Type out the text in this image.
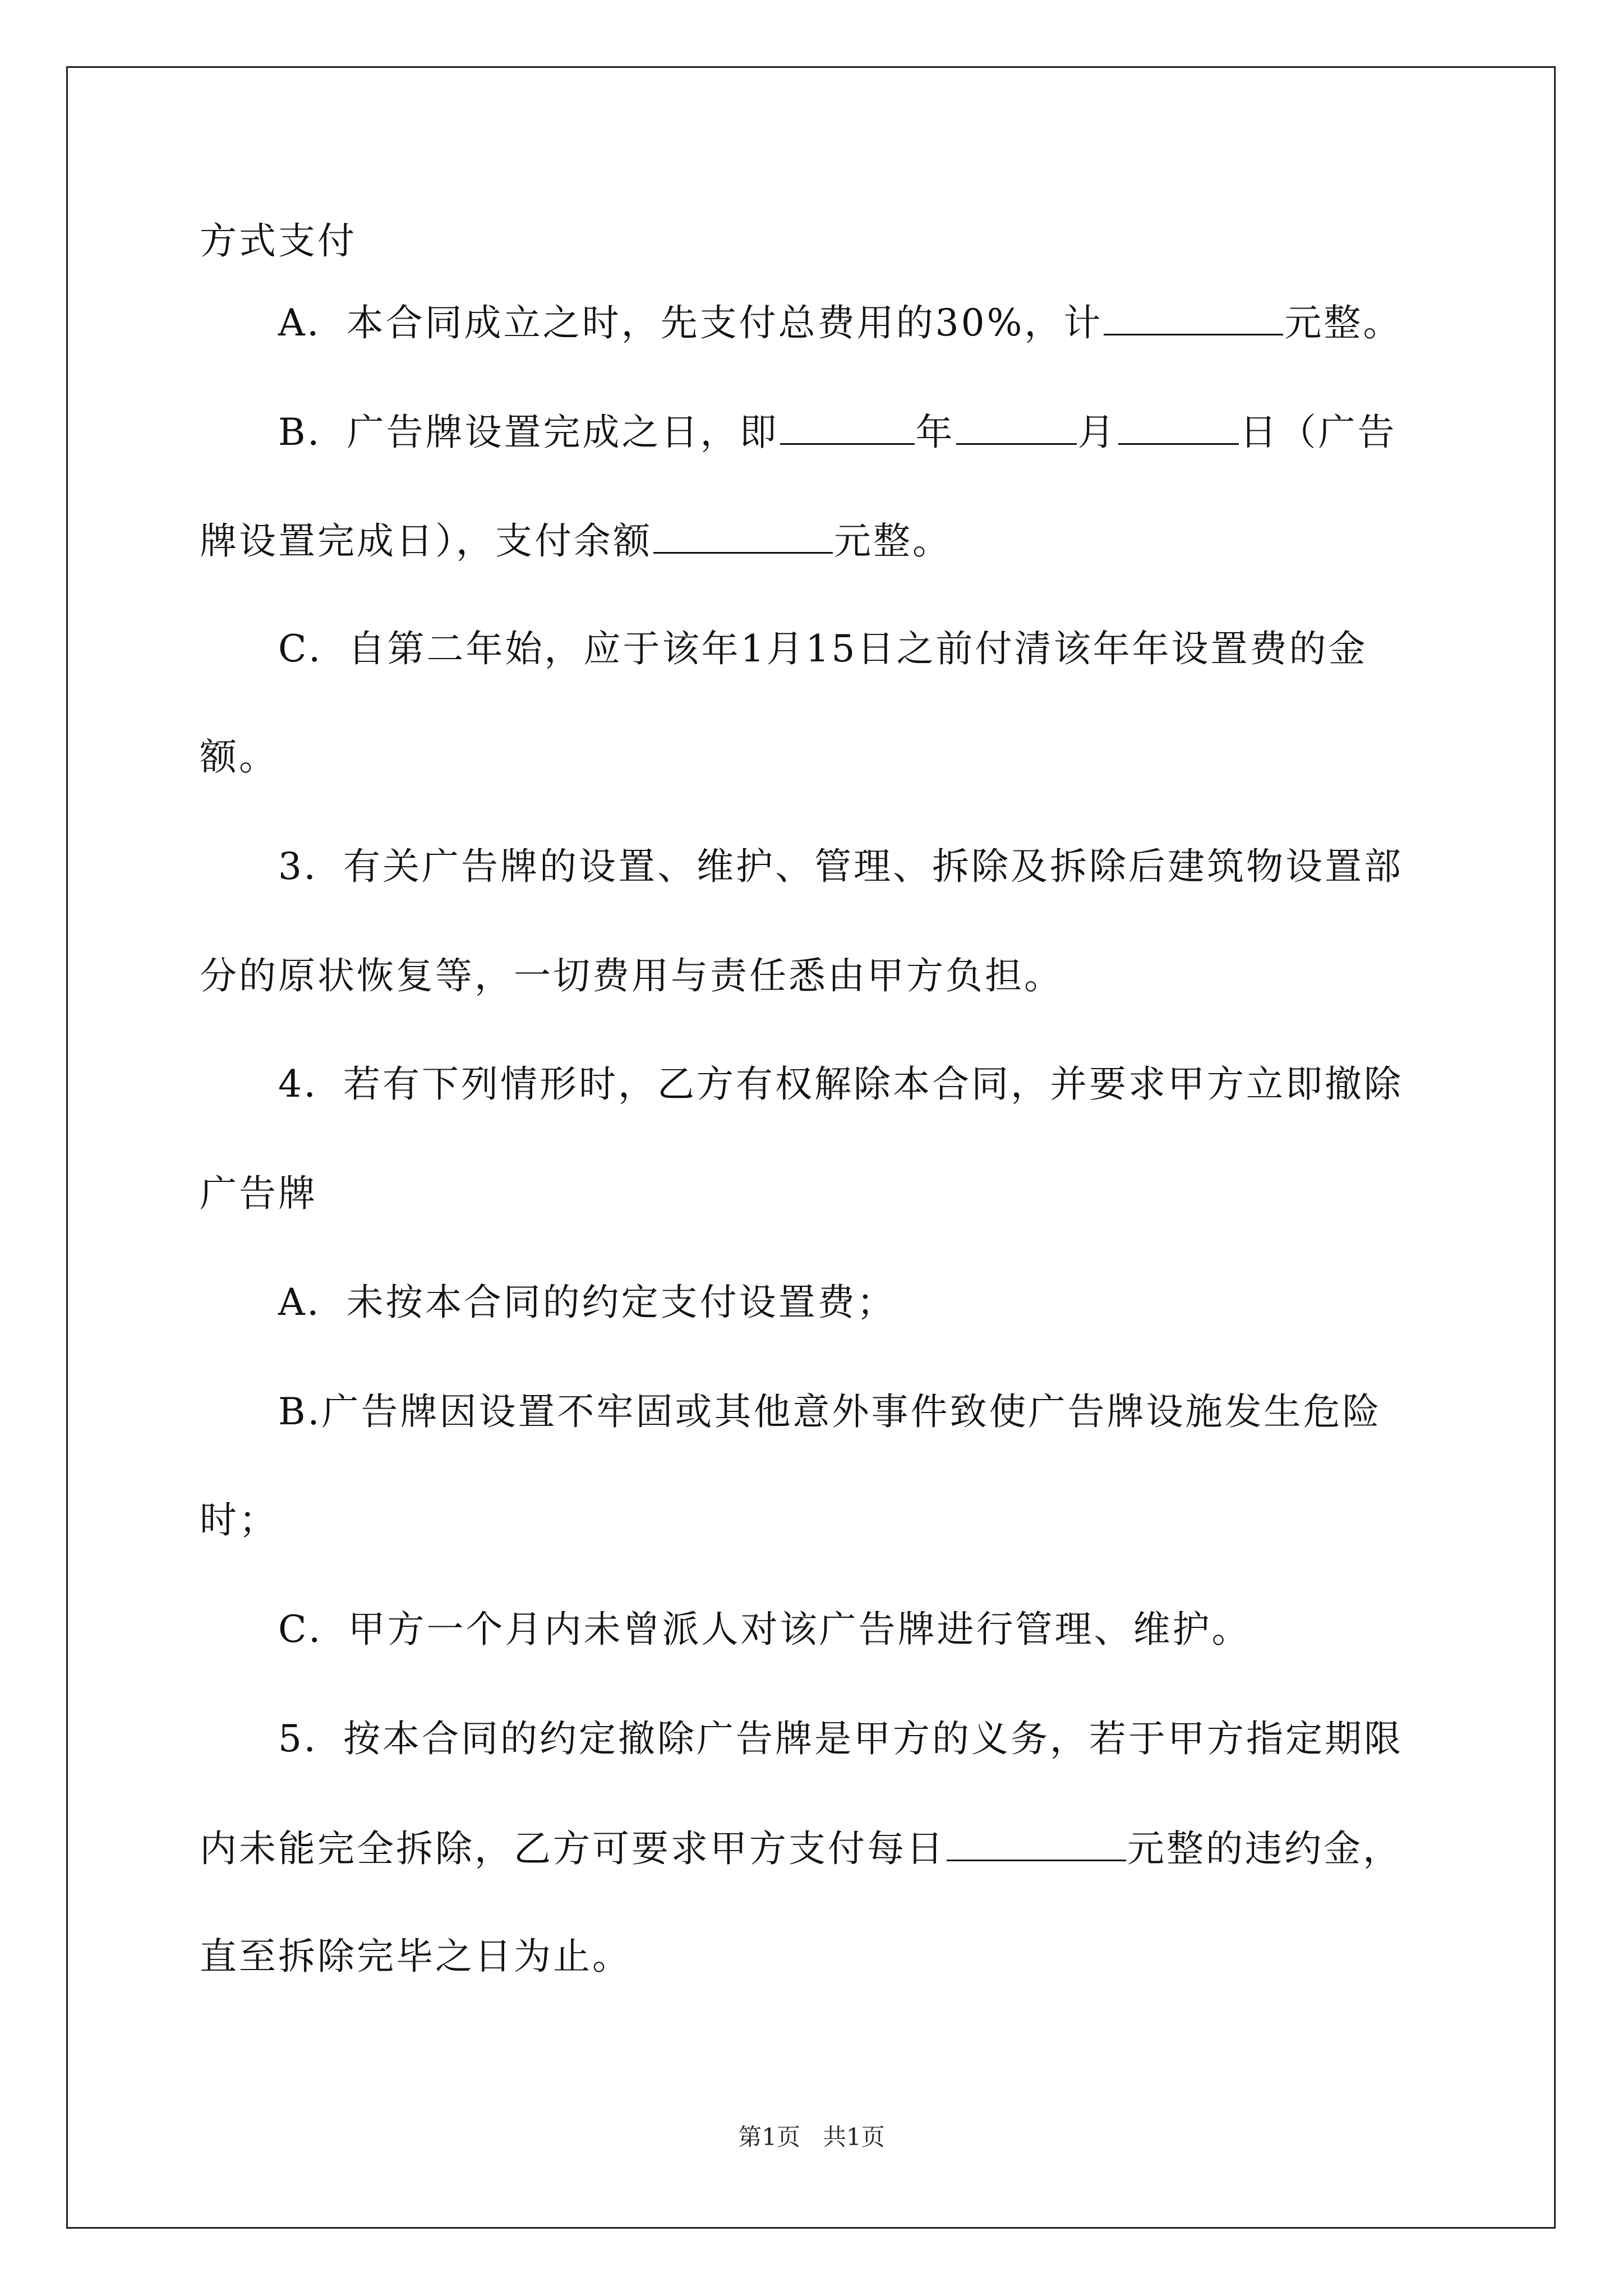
方式支付
A．本合同成立之时，先支付总费用的30%，计	元整。
B．广告牌设置完成之日，即	年	月	日（广告
牌设置完成日），支付余额	元整。
C．自第二年始，应于该年1月15日之前付清该年年设置费的金
额。
3．有关广告牌的设置、维护、管理、拆除及拆除后建筑物设置部
分的原状恢复等，一切费用与责任悉由甲方负担。
4．若有下列情形时，乙方有权解除本合同，并要求甲方立即撤除
广告牌
A．未按本合同的约定支付设置费；
B.广告牌因设置不牢固或其他意外事件致使广告牌设施发生危险
时；
C．甲方一个月内未曾派人对该广告牌进行管理、维护。
5．按本合同的约定撤除广告牌是甲方的义务，若于甲方指定期限
内未能完全拆除，乙方可要求甲方支付每日	元整的违约金，
直至拆除完毕之日为止。
第1页 共1页
